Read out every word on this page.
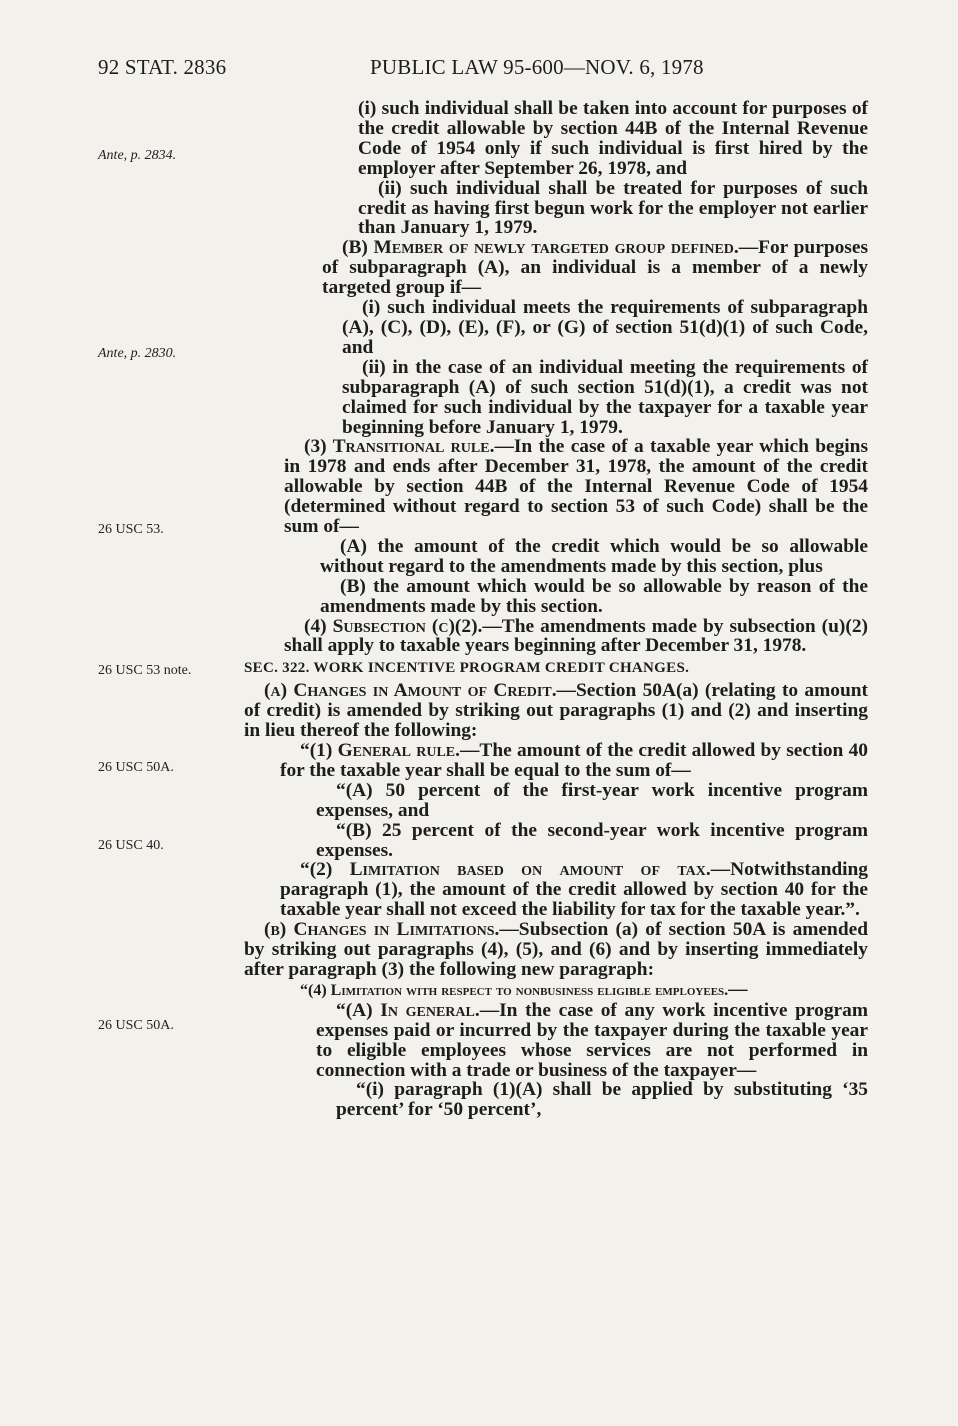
92 STAT. 2836	PUBLIC LAW 95-600—NOV. 6, 1978
Ante, p. 2834.
Ante, p. 2830.
26 USC 53.
26 USC 53 note.
26 USC 50A.
26 USC 40.
26 USC 50A.

(i) such individual shall be taken into account for purposes of the credit allowable by section 44B of the Internal Revenue Code of 1954 only if such individual is first hired by the employer after September 26, 1978, and

(ii) such individual shall be treated for purposes of such credit as having first begun work for the employer not earlier than January 1, 1979.

(B) Member of newly targeted group defined.—For purposes of subparagraph (A), an individual is a member of a newly targeted group if—

(i) such individual meets the requirements of subparagraph (A), (C), (D), (E), (F), or (G) of section 51(d)(1) of such Code, and

(ii) in the case of an individual meeting the requirements of subparagraph (A) of such section 51(d)(1), a credit was not claimed for such individual by the taxpayer for a taxable year beginning before January 1, 1979.

(3) Transitional rule.—In the case of a taxable year which begins in 1978 and ends after December 31, 1978, the amount of the credit allowable by section 44B of the Internal Revenue Code of 1954 (determined without regard to section 53 of such Code) shall be the sum of—

(A) the amount of the credit which would be so allowable without regard to the amendments made by this section, plus

(B) the amount which would be so allowable by reason of the amendments made by this section.

(4) Subsection (c)(2).—The amendments made by subsection (u)(2) shall apply to taxable years beginning after December 31, 1978.

SEC. 322. WORK INCENTIVE PROGRAM CREDIT CHANGES.

(a) Changes in Amount of Credit.—Section 50A(a) (relating to amount of credit) is amended by striking out paragraphs (1) and (2) and inserting in lieu thereof the following:

“(1) General rule.—The amount of the credit allowed by section 40 for the taxable year shall be equal to the sum of—

“(A) 50 percent of the first-year work incentive program expenses, and

“(B) 25 percent of the second-year work incentive program expenses.

“(2) Limitation based on amount of tax.—Notwithstanding paragraph (1), the amount of the credit allowed by section 40 for the taxable year shall not exceed the liability for tax for the taxable year.”.

(b) Changes in Limitations.—Subsection (a) of section 50A is amended by striking out paragraphs (4), (5), and (6) and by inserting immediately after paragraph (3) the following new paragraph:

“(4) Limitation with respect to nonbusiness eligible employees.—

“(A) In general.—In the case of any work incentive program expenses paid or incurred by the taxpayer during the taxable year to eligible employees whose services are not performed in connection with a trade or business of the taxpayer—

“(i) paragraph (1)(A) shall be applied by substituting ‘35 percent’ for ‘50 percent’,
